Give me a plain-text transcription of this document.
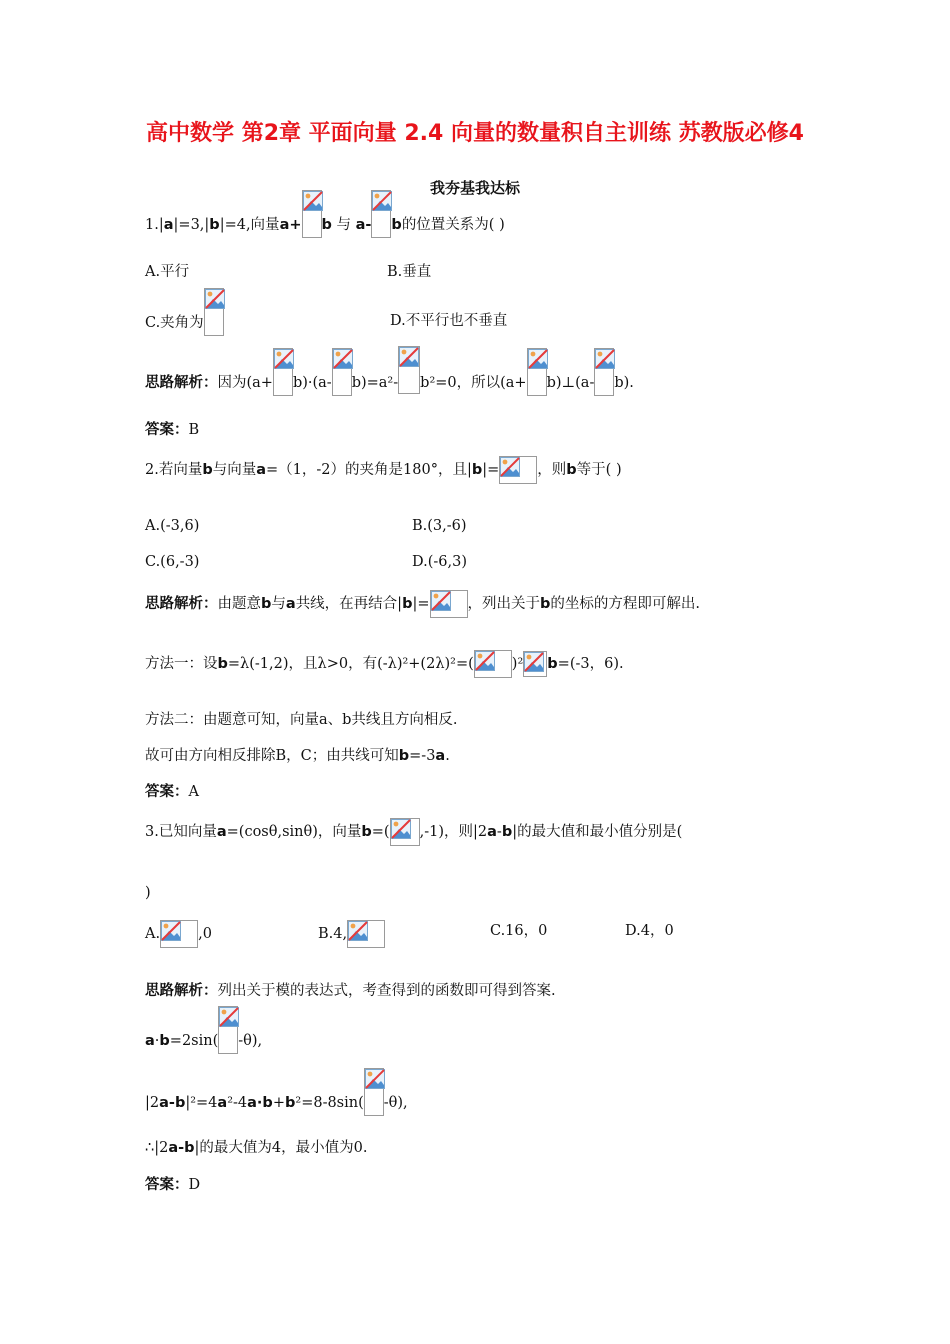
高中数学 第2章 平面向量 2.4 向量的数量积自主训练 苏教版必修4
我夯基我达标
1.|a|=3,|b|=4,向量a+ b 与 a- b的位置关系为( )
A.平行	B.垂直
C.夹角为	D.不平行也不垂直
思路解析：因为(a+ b)·(a- b)=a²- b²=0，所以(a+ b)⊥(a- b).
答案：B
2.若向量b与向量a=（1，-2）的夹角是180°，且|b|=	，则b等于( )
A.(-3,6)	B.(3,-6)
C.(6,-3)	D.(-6,3)
思路解析：由题意b与a共线，在再结合|b|=	，列出关于b的坐标的方程即可解出.
方法一：设b=λ(-1,2)，且λ>0，有(-λ)²+(2λ)²=(	)² b=(-3，6).
方法二：由题意可知，向量a、b共线且方向相反.
故可由方向相反排除B，C；由共线可知b=-3a.
答案：A
3.已知向量a=(cosθ,sinθ)，向量b=( ,-1)，则|2a-b|的最大值和最小值分别是(
)
A.	,0	B.4,	C.16，0	D.4，0
思路解析：列出关于模的表达式，考查得到的函数即可得到答案.
a·b=2sin( -θ),
|2a-b|²=4a²-4a·b+b²=8-8sin( -θ),
∴|2a-b|的最大值为4，最小值为0.
答案：D
